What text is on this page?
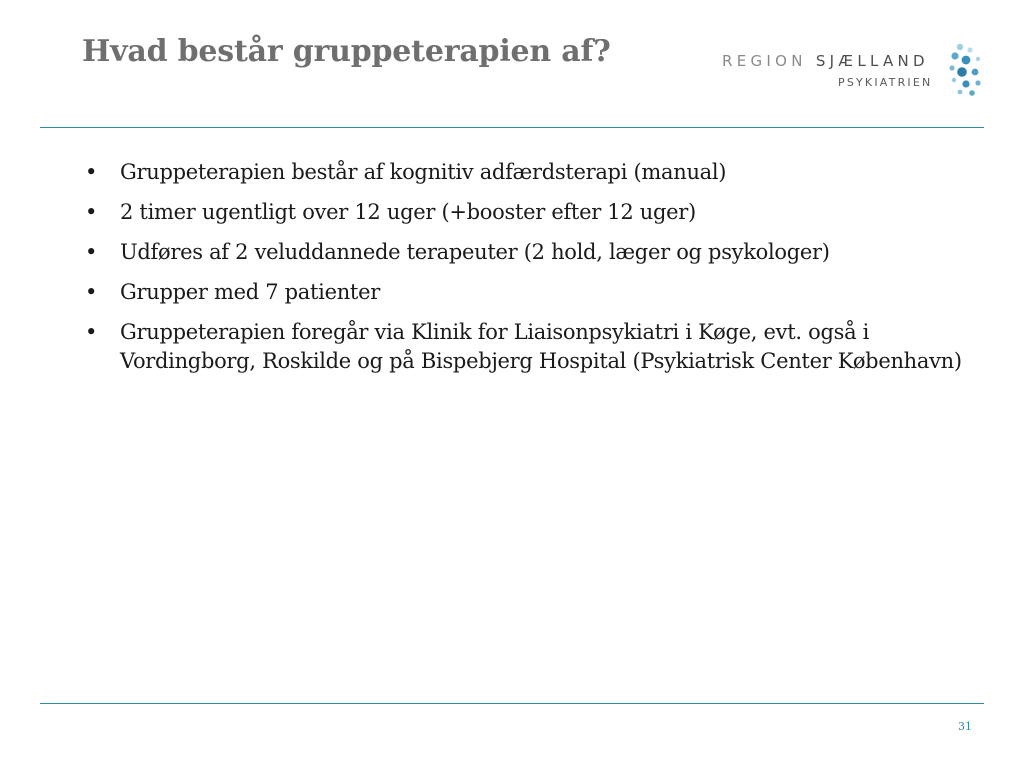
Hvad består gruppeterapien af?	REGION SJÆLLAND
PSYKIATRIEN
• Gruppeterapien består af kognitiv adfærdsterapi (manual)
• 2 timer ugentligt over 12 uger (+booster efter 12 uger)
• Udføres af 2 veluddannede terapeuter (2 hold, læger og psykologer)
• Grupper med 7 patienter
• Gruppeterapien foregår via Klinik for Liaisonpsykiatri i Køge, evt. også i Vordingborg, Roskilde og på Bispebjerg Hospital (Psykiatrisk Center København)
31
